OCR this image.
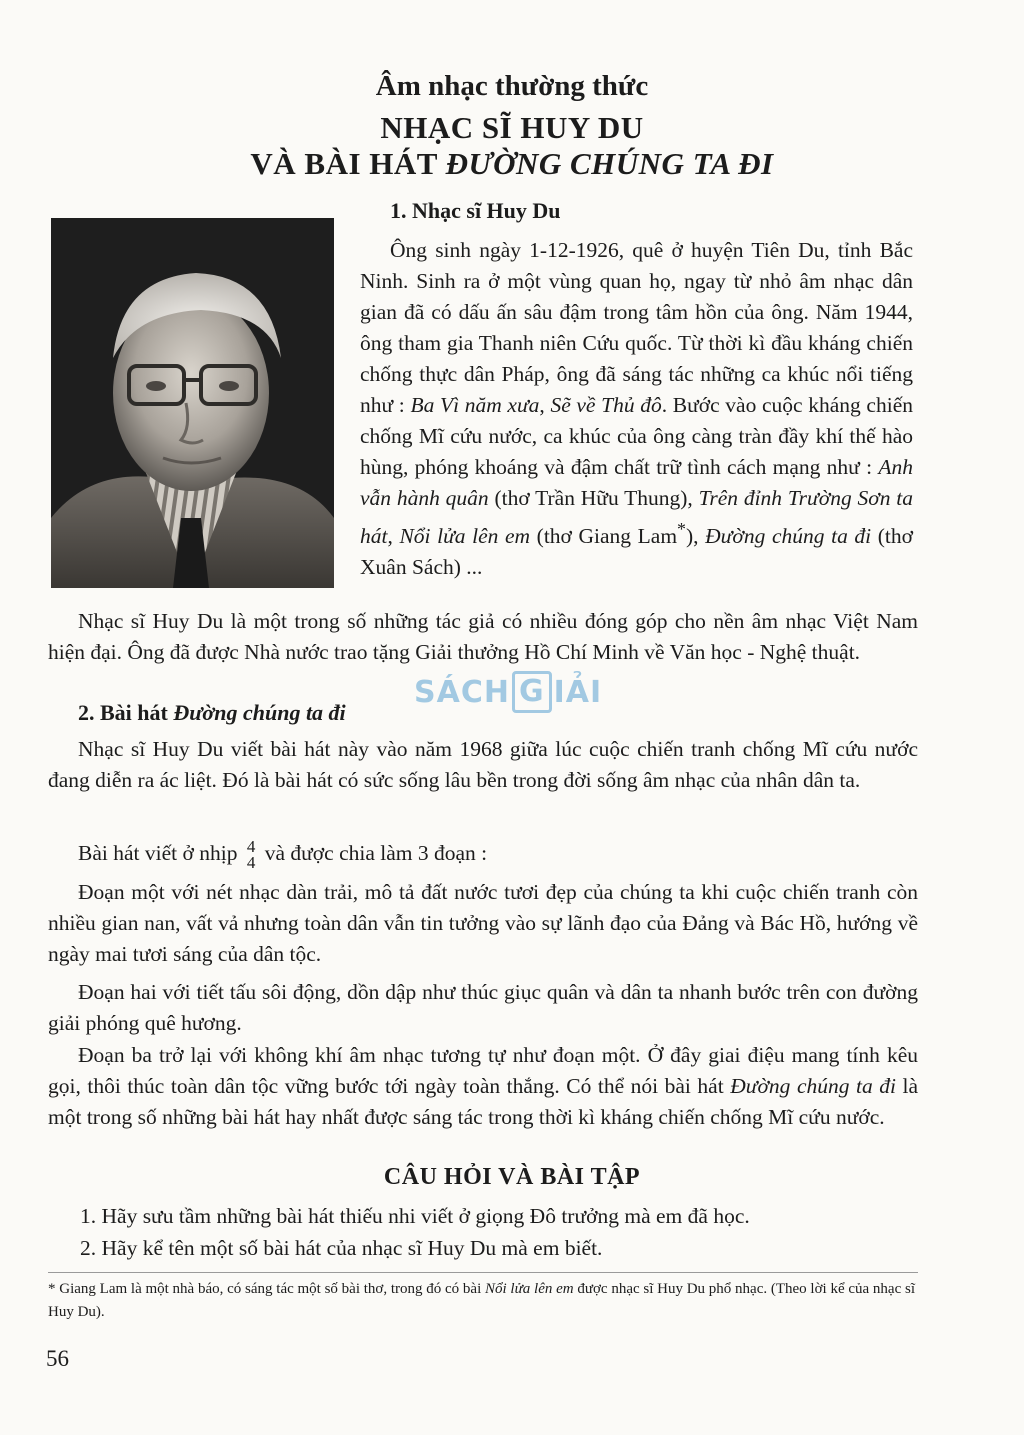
Âm nhạc thường thức
NHẠC SĨ HUY DU
VÀ BÀI HÁT ĐƯỜNG CHÚNG TA ĐI
1. Nhạc sĩ Huy Du

Ông sinh ngày 1-12-1926, quê ở huyện Tiên Du, tỉnh Bắc Ninh. Sinh ra ở một vùng quan họ, ngay từ nhỏ âm nhạc dân gian đã có dấu ấn sâu đậm trong tâm hồn của ông. Năm 1944, ông tham gia Thanh niên Cứu quốc. Từ thời kì đầu kháng chiến chống thực dân Pháp, ông đã sáng tác những ca khúc nổi tiếng như : Ba Vì năm xưa, Sẽ về Thủ đô. Bước vào cuộc kháng chiến chống Mĩ cứu nước, ca khúc của ông càng tràn đầy khí thế hào hùng, phóng khoáng và đậm chất trữ tình cách mạng như : Anh vẫn hành quân (thơ Trần Hữu Thung), Trên đỉnh Trường Sơn ta hát, Nổi lửa lên em (thơ Giang Lam*), Đường chúng ta đi (thơ Xuân Sách) ...

Nhạc sĩ Huy Du là một trong số những tác giả có nhiều đóng góp cho nền âm nhạc Việt Nam hiện đại. Ông đã được Nhà nước trao tặng Giải thưởng Hồ Chí Minh về Văn học - Nghệ thuật.

SÁCH G IẢI
2. Bài hát Đường chúng ta đi

Nhạc sĩ Huy Du viết bài hát này vào năm 1968 giữa lúc cuộc chiến tranh chống Mĩ cứu nước đang diễn ra ác liệt. Đó là bài hát có sức sống lâu bền trong đời sống âm nhạc của nhân dân ta.

Bài hát viết ở nhịp 4
4 và được chia làm 3 đoạn :

Đoạn một với nét nhạc dàn trải, mô tả đất nước tươi đẹp của chúng ta khi cuộc chiến tranh còn nhiều gian nan, vất vả nhưng toàn dân vẫn tin tưởng vào sự lãnh đạo của Đảng và Bác Hồ, hướng về ngày mai tươi sáng của dân tộc.

Đoạn hai với tiết tấu sôi động, dồn dập như thúc giục quân và dân ta nhanh bước trên con đường giải phóng quê hương.

Đoạn ba trở lại với không khí âm nhạc tương tự như đoạn một. Ở đây giai điệu mang tính kêu gọi, thôi thúc toàn dân tộc vững bước tới ngày toàn thắng. Có thể nói bài hát Đường chúng ta đi là một trong số những bài hát hay nhất được sáng tác trong thời kì kháng chiến chống Mĩ cứu nước.

CÂU HỎI VÀ BÀI TẬP
1. Hãy sưu tầm những bài hát thiếu nhi viết ở giọng Đô trưởng mà em đã học.
2. Hãy kể tên một số bài hát của nhạc sĩ Huy Du mà em biết.

* Giang Lam là một nhà báo, có sáng tác một số bài thơ, trong đó có bài Nổi lửa lên em được nhạc sĩ Huy Du phổ nhạc. (Theo lời kể của nhạc sĩ Huy Du).

56
